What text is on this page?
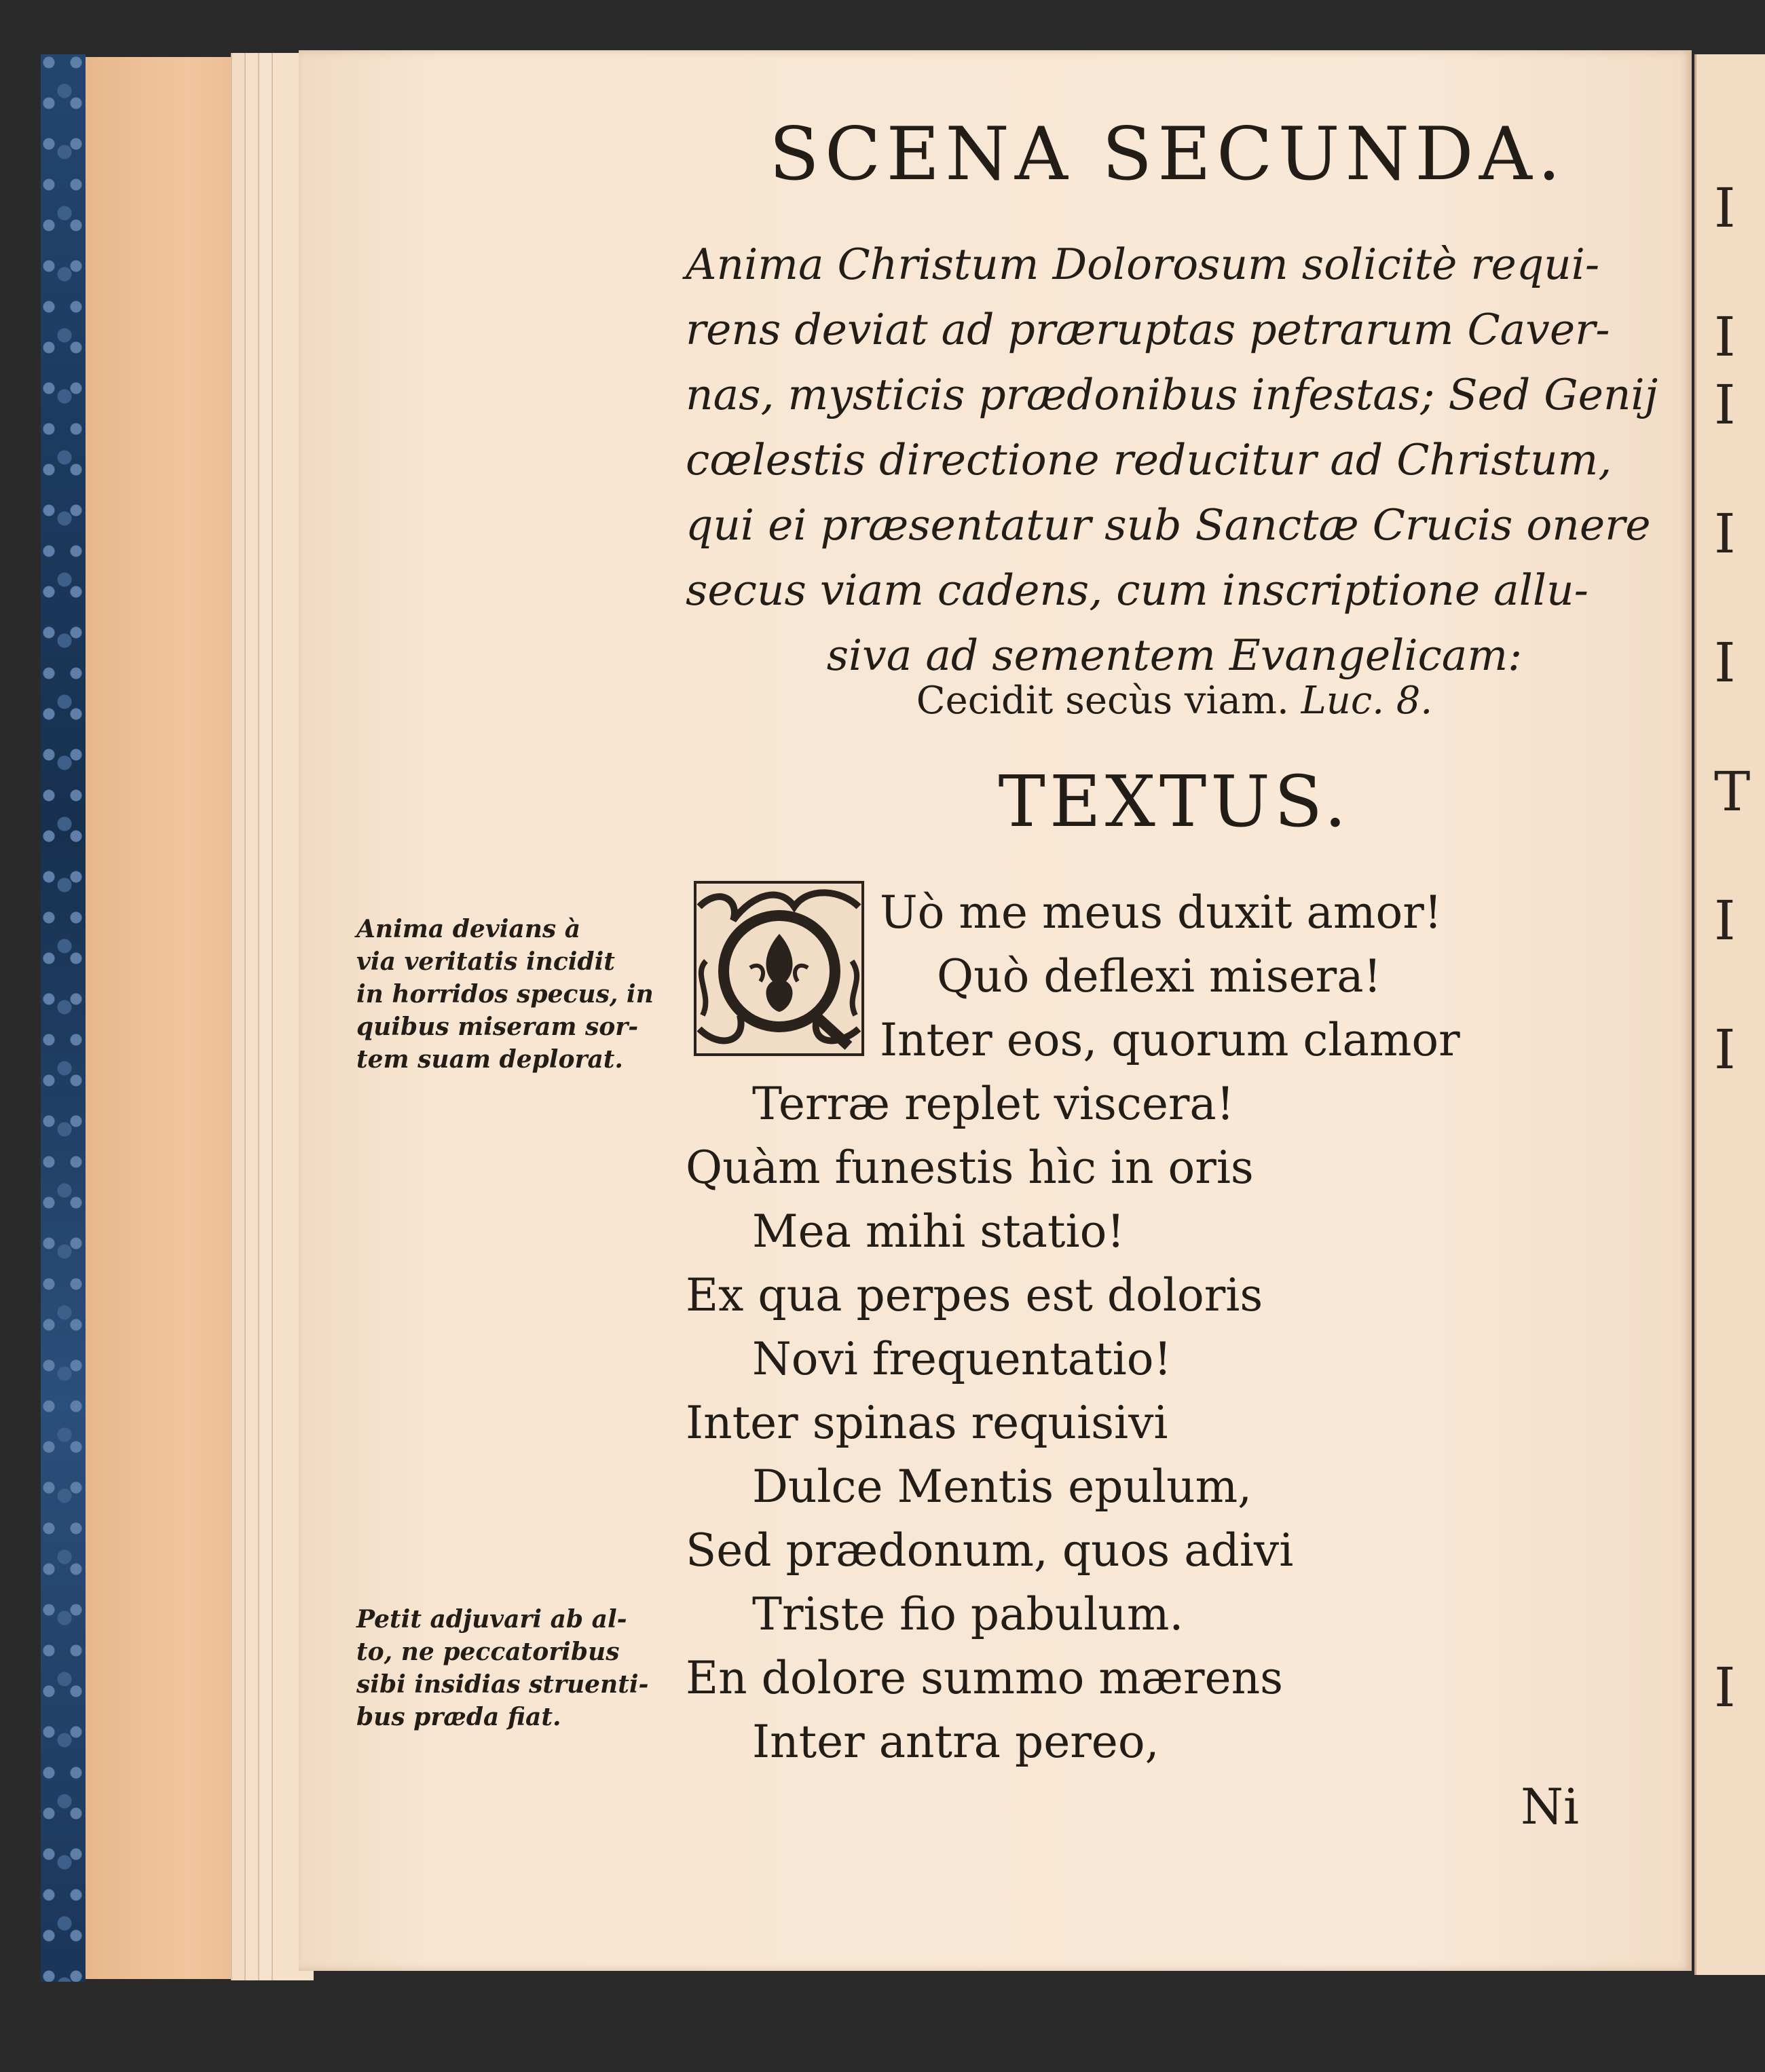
I
I
I
I
I
T
I
I
I
SCENA SECUNDA.
Anima Christum Dolorosum solicitè requi-
rens deviat ad præruptas petrarum Caver-
nas, mysticis prædonibus infestas; Sed Genij
cœlestis directione reducitur ad Christum,
qui ei præsentatur sub Sanctæ Crucis onere
secus viam cadens, cum inscriptione allu-
siva ad sementem Evangelicam:
Cecidit secùs viam. Luc. 8.
TEXTUS.
Uò me meus duxit amor!
Quò deflexi misera!
Inter eos, quorum clamor
Terræ replet viscera!
Quàm funestis hìc in oris
Mea mihi statio!
Ex qua perpes est doloris
Novi frequentatio!
Inter spinas requisivi
Dulce Mentis epulum,
Sed prædonum, quos adivi
Triste fio pabulum.
En dolore summo mærens
Inter antra pereo,
Anima devians à
via veritatis incidit
in horridos specus, in
quibus miseram sor-
tem suam deplorat.
Petit adjuvari ab al-
to, ne peccatoribus
sibi insidias struenti-
bus præda fiat.
Ni
